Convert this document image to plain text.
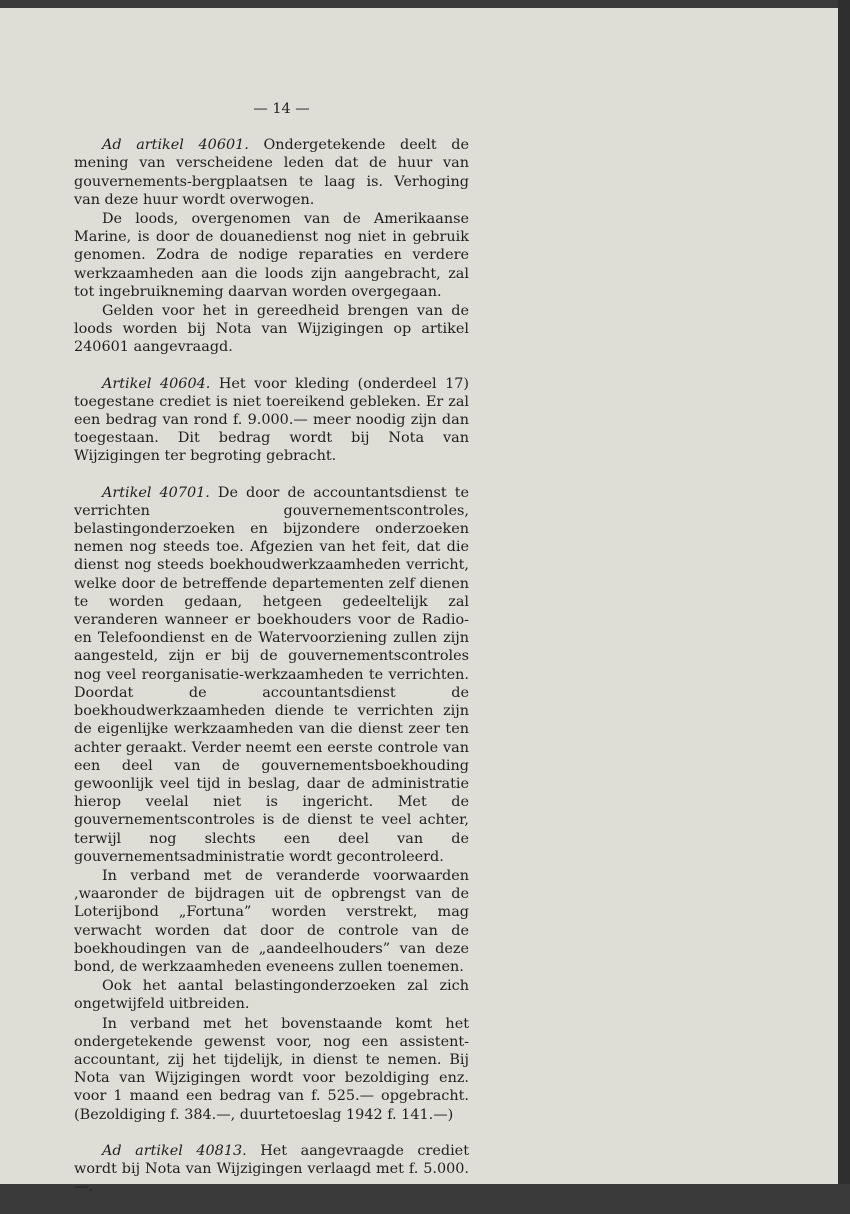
— 14 —

Ad artikel 40601. Ondergetekende deelt de mening van verscheidene leden dat de huur van gouvernements-bergplaatsen te laag is. Verhoging van deze huur wordt overwogen.

De loods, overgenomen van de Amerikaanse Marine, is door de douanedienst nog niet in gebruik genomen. Zodra de nodige reparaties en verdere werkzaamheden aan die loods zijn aangebracht, zal tot ingebruikneming daarvan worden overgegaan.

Gelden voor het in gereedheid brengen van de loods worden bij Nota van Wijzigingen op artikel 240601 aangevraagd.

Artikel 40604. Het voor kleding (onderdeel 17) toegestane crediet is niet toereikend gebleken. Er zal een bedrag van rond f. 9.000.— meer noodig zijn dan toegestaan. Dit bedrag wordt bij Nota van Wijzigingen ter begroting gebracht.

Artikel 40701. De door de accountantsdienst te verrichten gouvernementscontroles, belastingonderzoeken en bijzondere onderzoeken nemen nog steeds toe. Afgezien van het feit, dat die dienst nog steeds boekhoudwerkzaamheden verricht, welke door de betreffende departementen zelf dienen te worden gedaan, hetgeen gedeeltelijk zal veranderen wanneer er boekhouders voor de Radio- en Telefoondienst en de Watervoorziening zullen zijn aangesteld, zijn er bij de gouvernementscontroles nog veel reorganisatie-werkzaamheden te verrichten. Doordat de accountantsdienst de boekhoudwerkzaamheden diende te verrichten zijn de eigenlijke werkzaamheden van die dienst zeer ten achter geraakt. Verder neemt een eerste controle van een deel van de gouvernementsboekhouding gewoonlijk veel tijd in beslag, daar de administratie hierop veelal niet is ingericht. Met de gouvernementscontroles is de dienst te veel achter, terwijl nog slechts een deel van de gouvernementsadministratie wordt gecontroleerd.

In verband met de veranderde voorwaarden ,waaronder de bijdragen uit de opbrengst van de Loterijbond „Fortuna” worden verstrekt, mag verwacht worden dat door de controle van de boekhoudingen van de „aandeelhouders” van deze bond, de werkzaamheden eveneens zullen toenemen.

Ook het aantal belastingonderzoeken zal zich ongetwijfeld uitbreiden.

In verband met het bovenstaande komt het ondergetekende gewenst voor, nog een assistent-accountant, zij het tijdelijk, in dienst te nemen. Bij Nota van Wijzigingen wordt voor bezoldiging enz. voor 1 maand een bedrag van f. 525.— opgebracht. (Bezoldiging f. 384.—, duurtetoeslag 1942 f. 141.—)

Ad artikel 40813. Het aangevraagde crediet wordt bij Nota van Wijzigingen verlaagd met f. 5.000.—.
